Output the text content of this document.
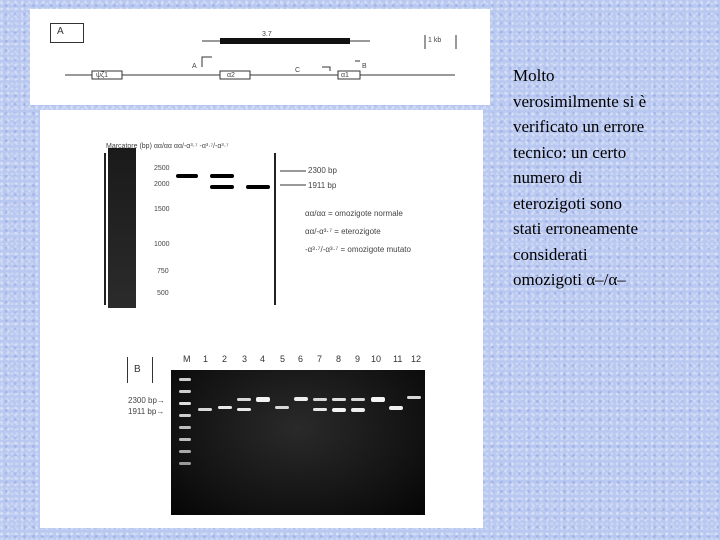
A
1 kb
3.7
A	B
C
ψζ1	α2	α1
Marcatore (bp) αα/αα αα/-α³·⁷ -α³·⁷/-α³·⁷
2500
2000
1500
1000
750
500
2300 bp
1911 bp
αα/αα = omozigote normale
αα/-α³·⁷ = eterozigote
-α³·⁷/-α³·⁷ = omozigote mutato
B
2300 bp→
1911 bp→
M 1 2 3 4 5 6 7 8 9 10 11 12
Molto
verosimilmente si è
verificato un errore
tecnico: un certo
numero di
eterozigoti sono
stati erroneamente
considerati
omozigoti α–/α–
